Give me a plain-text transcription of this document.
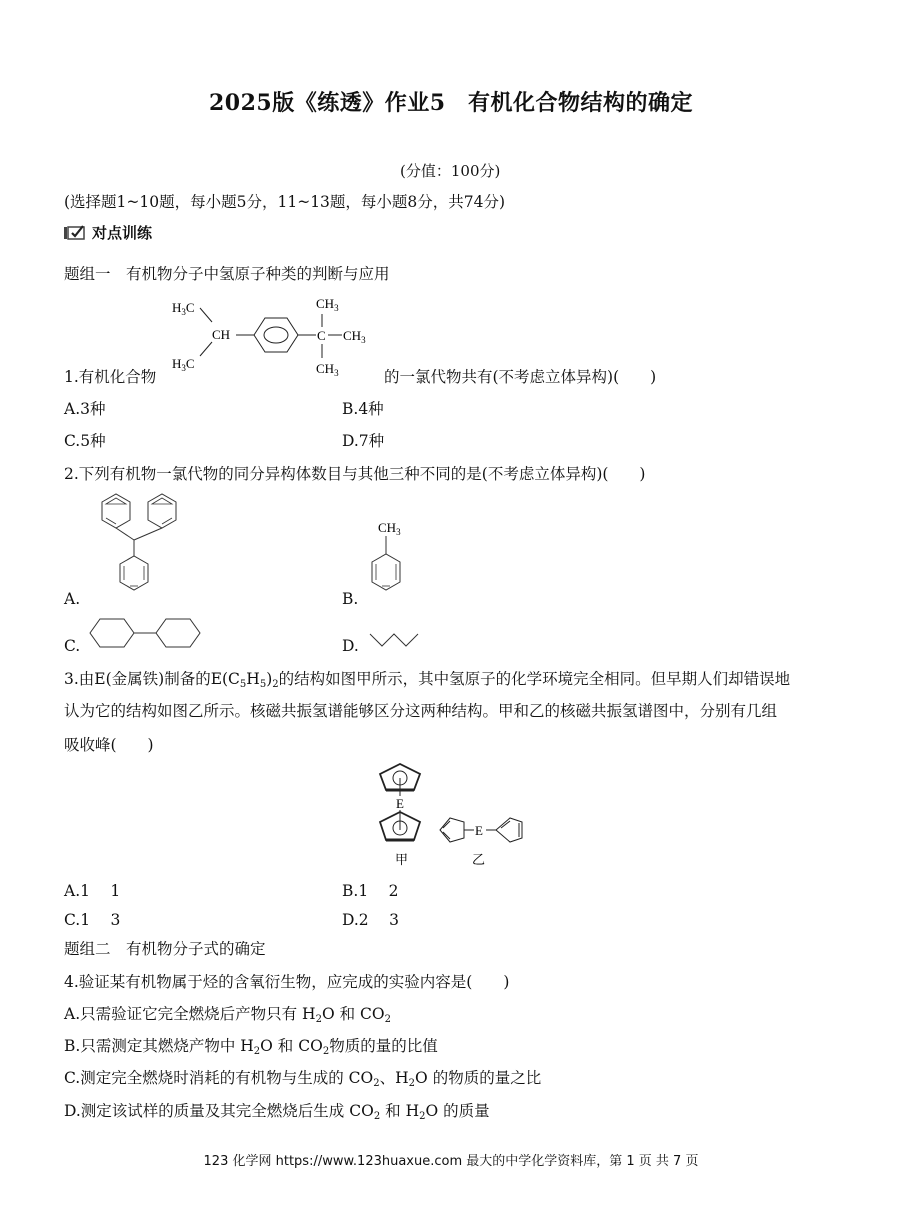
2025版《练透》作业5　有机化合物结构的确定
(分值：100分)
(选择题1~10题，每小题5分，11~13题，每小题8分，共74分)
对点训练
题组一　有机物分子中氢原子种类的判断与应用
$H_3C$
CH
$H_3C$
C
$CH_3$
$CH_3$
$CH_3$
1.有机化合物	的一氯代物共有(不考虑立体异构)(　　)
A.3种	B.4种
C.5种	D.7种
2.下列有机物一氯代物的同分异构体数目与其他三种不同的是(不考虑立体异构)(　　)
A.
$CH_3$
B.
C.	D.
3.由E(金属铁)制备的$E(C_5H_5)_2$的结构如图甲所示，其中氢原子的化学环境完全相同。但早期人们却错误地
认为它的结构如图乙所示。核磁共振氢谱能够区分这两种结构。甲和乙的核磁共振氢谱图中，分别有几组
吸收峰(　　)
E
甲
E
乙
A.1　 1	B.1　 2
C.1　 3	D.2　 3
题组二　有机物分子式的确定
4.验证某有机物属于烃的含氧衍生物，应完成的实验内容是(　　)
A.只需验证它完全燃烧后产物只有 $H_2O$ 和 $CO_2$
B.只需测定其燃烧产物中 $H_2O$ 和 $CO_2$物质的量的比值
C.测定完全燃烧时消耗的有机物与生成的 $CO_2$、$H_2O$ 的物质的量之比
D.测定该试样的质量及其完全燃烧后生成 $CO_2$ 和 $H_2O$ 的质量
123 化学网 https://www.123huaxue.com 最大的中学化学资料库，第 1 页 共 7 页
